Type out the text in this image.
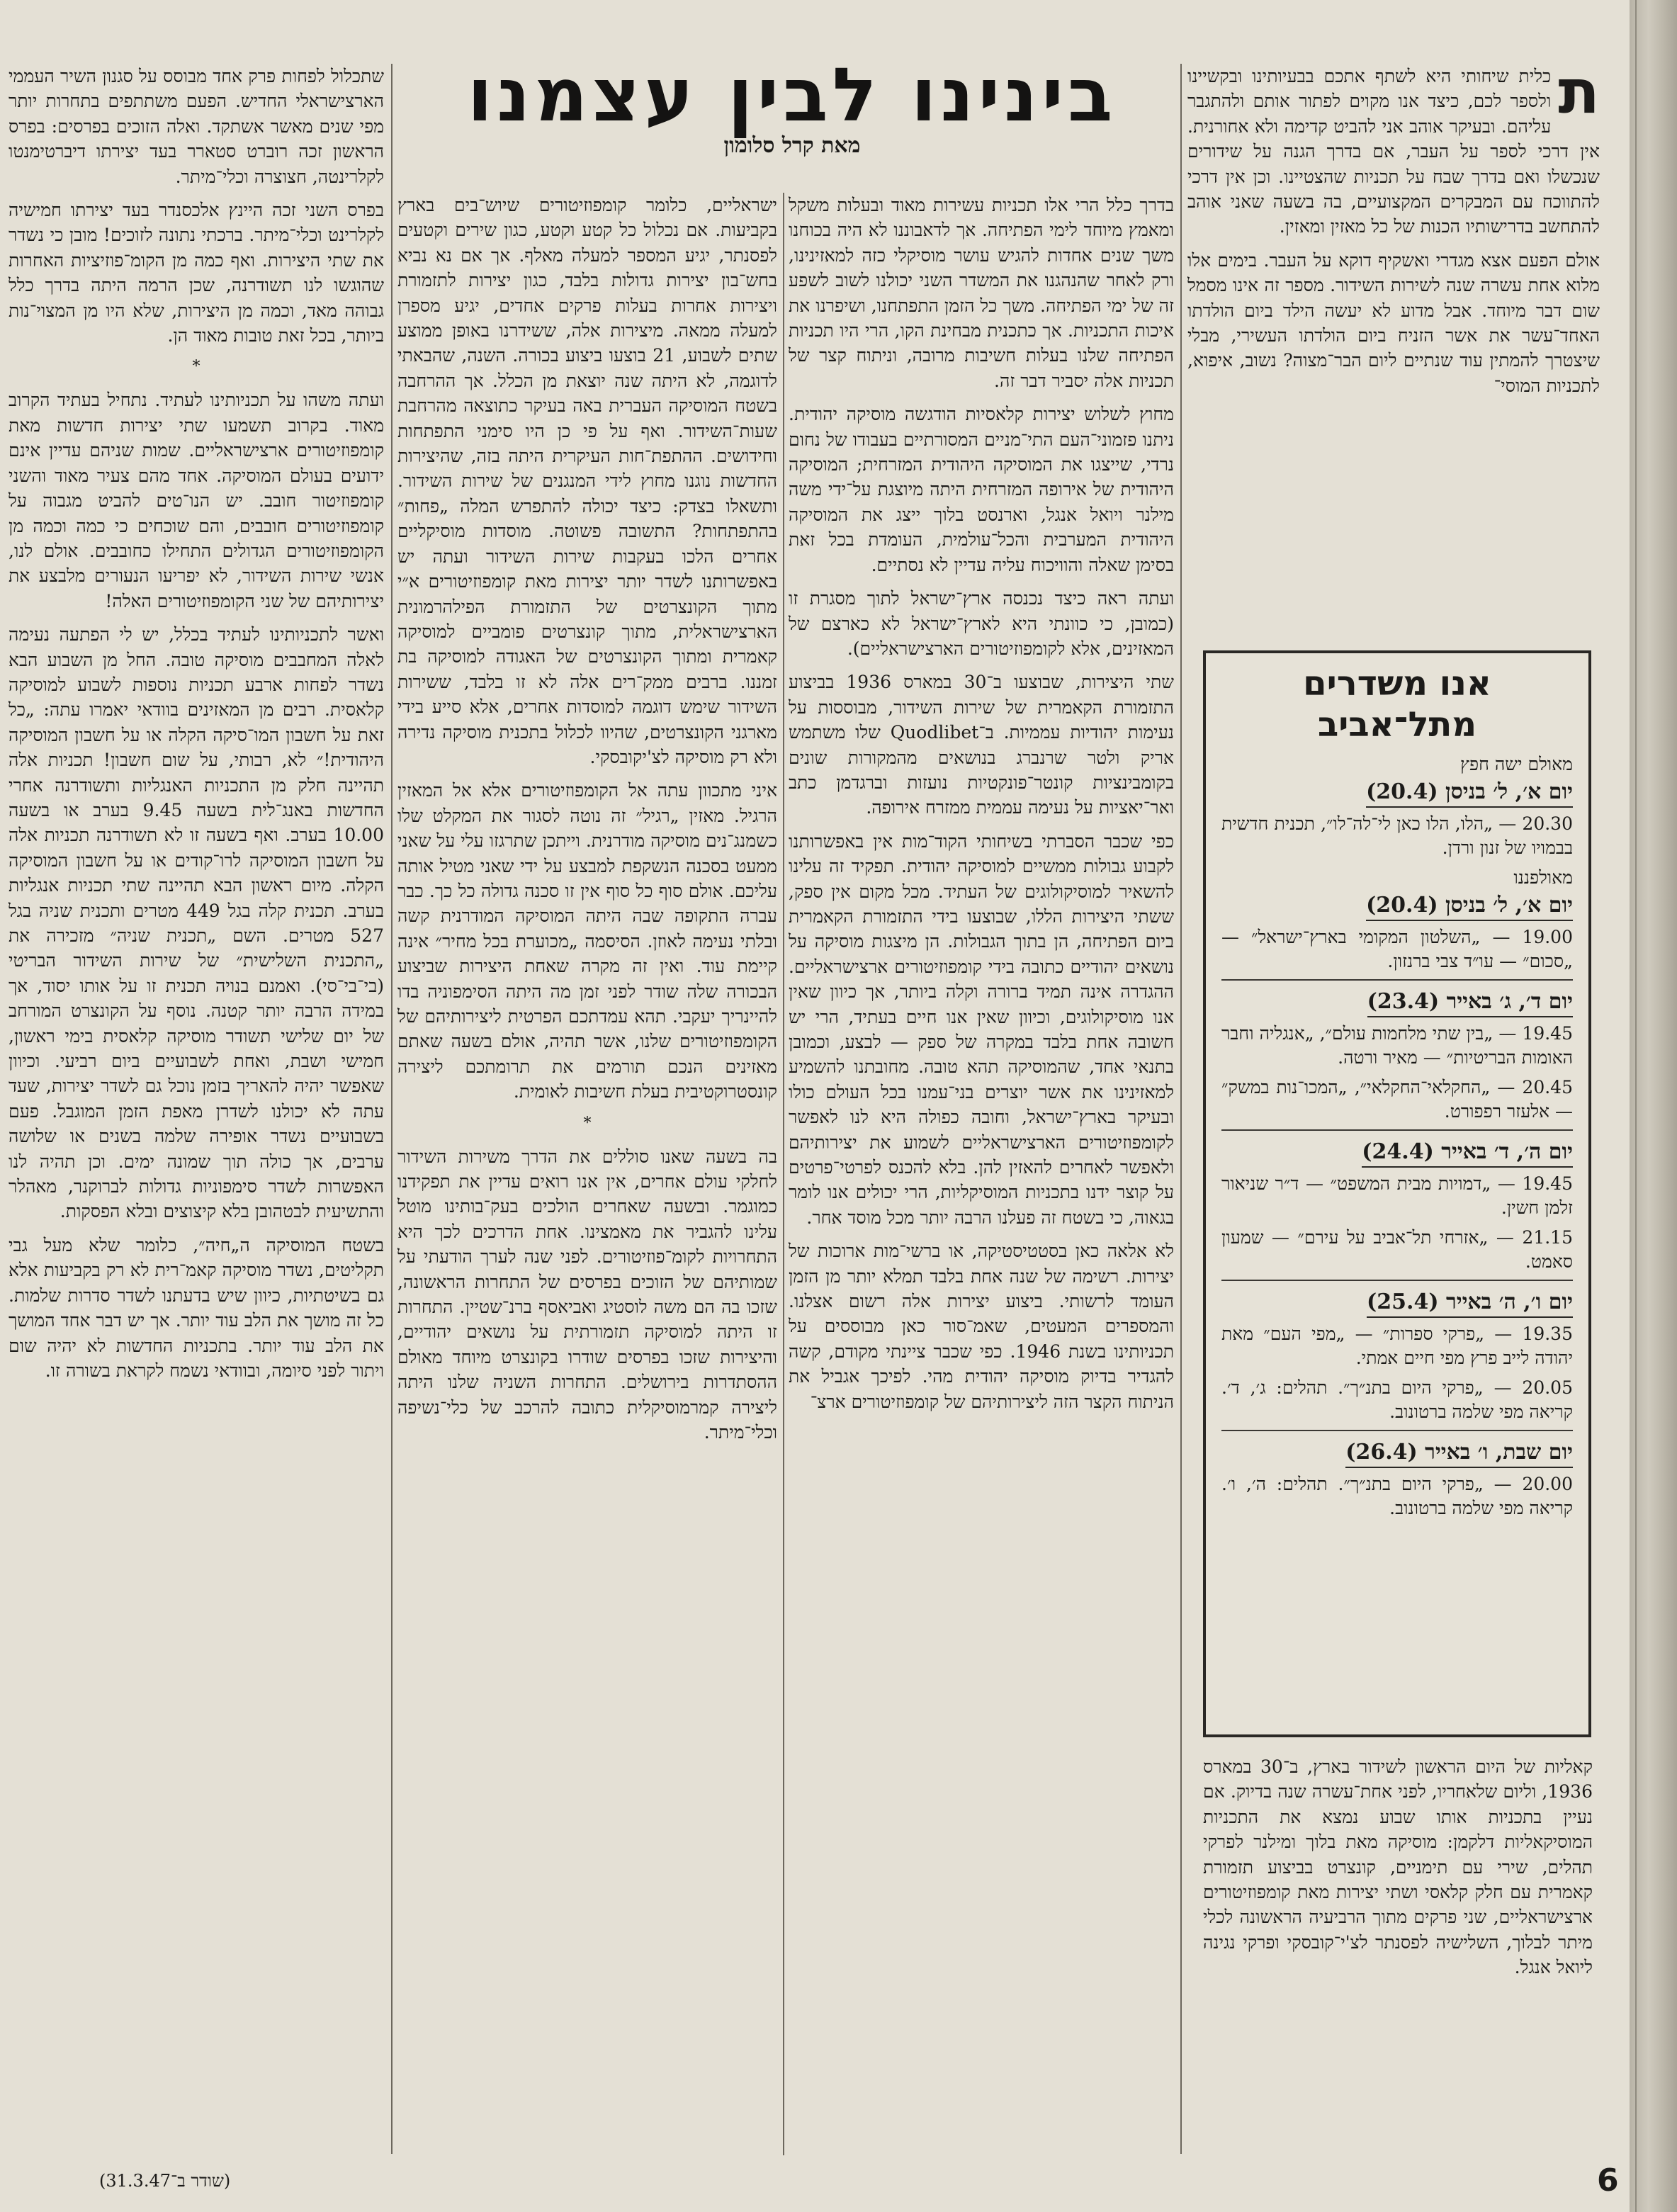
בינינו לבין עצמנו
מאת קרל סלומון
ת

כלית שיחותי היא לשתף אתכם בבעיותינו ובקשיינו ולספר לכם, כיצד אנו מקוים לפתור אותם ולהתגבר עליהם. ובעיקר אוהב אני להביט קדימה ולא אחורנית. אין דרכי לספר על העבר, אם בדרך הגנה על שידורים שנכשלו ואם בדרך שבח על תכניות שהצטיינו. וכן אין דרכי להתווכח עם המבקרים המקצועיים, בה בשעה שאני אוהב להתחשב בדרישותיו הכנות של כל מאזין ומאזין.

אולם הפעם אצא מגדרי ואשקיף דוקא על העבר. בימים אלו מלוא אחת עשרה שנה לשירות השידור. מספר זה אינו מסמל שום דבר מיוחד. אבל מדוע לא יעשה הילד ביום הולדתו האחד־עשר את אשר הזניח ביום הולדתו העשירי, מבלי שיצטרך להמתין עוד שנתיים ליום הבר־מצוה? נשוב, איפוא, לתכניות המוסי־

אנו משדרים מתל־אביב
מאולם ישה חפץ
יום א׳, ל׳ בניסן (20.4)
20.30 — „הלו, הלו כאן לי־לה־לו״, תכנית חדשית בבמויו של זנון ורדן.
מאולפננו
יום א׳, ל׳ בניסן (20.4)
19.00 — „השלטון המקומי בארץ־ישראל״ — „סכום״ — עו״ד צבי ברנזון.
יום ד׳, ג׳ באייר (23.4)
19.45 — „בין שתי מלחמות עולם״, „אנגליה וחבר האומות הבריטיות״ — מאיר ורטה.
20.45 — „החקלאי־החקלאי״, „המכו־נות במשק״ — אלעזר רפפורט.
יום ה׳, ד׳ באייר (24.4)
19.45 — „דמויות מבית המשפט״ — ד״ר שניאור זלמן חשין.
21.15 — „אזרחי תל־אביב על עירם״ — שמעון סאמט.
יום ו׳, ה׳ באייר (25.4)
19.35 — „פרקי ספרות״ — „מפי העם״ מאת יהודה לייב פרץ מפי חיים אמתי.
20.05 — „פרקי היום בתנ״ך״. תהלים: ג׳, ד׳. קריאה מפי שלמה ברטונוב.
יום שבת, ו׳ באייר (26.4)
20.00 — „פרקי היום בתנ״ך״. תהלים: ה׳, ו׳. קריאה מפי שלמה ברטונוב.

קאליות של היום הראשון לשידור בארץ, ב־30 במארס 1936, וליום שלאחריו, לפני אחת־עשרה שנה בדיוק. אם נעיין בתכניות אותו שבוע נמצא את התכניות המוסיקאליות דלקמן: מוסיקה מאת בלוך ומילנר לפרקי תהלים, שירי עם תימניים, קונצרט בביצוע תזמורת קאמרית עם חלק קלאסי ושתי יצירות מאת קומפוזיטורים ארצישראליים, שני פרקים מתוך הרביעיה הראשונה לכלי מיתר לבלוך, השלישיה לפסנתר לצ'י־קובסקי ופרקי נגינה ליואל אנגל.

בדרך כלל הרי אלו תכניות עשירות מאוד ובעלות משקל ומאמץ מיוחד לימי הפתיחה. אך לדאבוננו לא היה בכוחנו משך שנים אחדות להגיש עושר מוסיקלי כזה למאזינינו, ורק לאחר שהנהגנו את המשדר השני יכולנו לשוב לשפע זה של ימי הפתיחה. משך כל הזמן התפתחנו, ושיפרנו את איכות התכניות. אך כתכנית מבחינת הקו, הרי היו תכניות הפתיחה שלנו בעלות חשיבות מרובה, וניתוח קצר של תכניות אלה יסביר דבר זה.

מחוץ לשלוש יצירות קלאסיות הודגשה מוסיקה יהודית. ניתנו פזמוני־העם התי־מניים המסורתיים בעבודו של נחום נרדי, שייצגו את המוסיקה היהודית המזרחית; המוסיקה היהודית של אירופה המזרחית היתה מיוצגת על־ידי משה מילנר ויואל אנגל, וארנסט בלוך ייצג את המוסיקה היהודית המערבית והכל־עולמית, העומדת בכל זאת בסימן שאלה והוויכוח עליה עדיין לא נסתיים.

ועתה ראה כיצד נכנסה ארץ־ישראל לתוך מסגרת זו (כמובן, כי כוונתי היא לארץ־ישראל לא כארצם של המאזינים, אלא לקומפוזיטורים הארצישראליים).

שתי היצירות, שבוצעו ב־30 במארס 1936 בביצוע התזמורת הקאמרית של שירות השידור, מבוססות על נעימות יהודיות עממיות. ב־Quodlibet שלו משתמש אריק ולטר שרנברג בנושאים מהמקורות שונים בקומבינציות קונטר־פונקטיות נועזות וברגדמן כתב ואר־יאציות על נעימה עממית ממזרח אירופה.

כפי שכבר הסברתי בשיחותי הקוד־מות אין באפשרותנו לקבוע גבולות ממשיים למוסיקה יהודית. תפקיד זה עלינו להשאיר למוסיקולוגים של העתיד. מכל מקום אין ספק, ששתי היצירות הללו, שבוצעו בידי התזמורת הקאמרית ביום הפתיחה, הן בתוך הגבולות. הן מיצגות מוסיקה על נושאים יהודיים כתובה בידי קומפוזיטורים ארצישראליים. ההגדרה אינה תמיד ברורה וקלה ביותר, אך כיוון שאין אנו מוסיקולוגים, וכיוון שאין אנו חיים בעתיד, הרי יש חשובה אחת בלבד במקרה של ספק — לבצע, וכמובן בתנאי אחד, שהמוסיקה תהא טובה. מחובתנו להשמיע למאזינינו את אשר יוצרים בני־עמנו בכל העולם כולו ובעיקר בארץ־ישראל, וחובה כפולה היא לנו לאפשר לקומפוזיטורים הארצישראליים לשמוע את יצירותיהם ולאפשר לאחרים להאזין להן. בלא להכנס לפרטי־פרטים על קוצר ידנו בתכניות המוסיקליות, הרי יכולים אנו לומר בגאוה, כי בשטח זה פעלנו הרבה יותר מכל מוסד אחר.

לא אלאה כאן בסטטיסטיקה, או ברשי־מות ארוכות של יצירות. רשימה של שנה אחת בלבד תמלא יותר מן הזמן העומד לרשותי. ביצוע יצירות אלה רשום אצלנו. והמספרים המעטים, שאמ־סור כאן מבוססים על תכניותינו בשנת 1946. כפי שכבר ציינתי מקודם, קשה להגדיר בדיוק מוסיקה יהודית מהי. לפיכך אגביל את הניתוח הקצר הזה ליצירותיהם של קומפוזיטורים ארצ־

ישראליים, כלומר קומפוזיטורים שיוש־בים בארץ בקביעות. אם נכלול כל קטע וקטע, כגון שירים וקטעים לפסנתר, יגיע המספר למעלה מאלף. אך אם נא נביא בחש־בון יצירות גדולות בלבד, כגון יצירות לתזמורת ויצירות אחרות בעלות פרקים אחדים, יגיע מספרן למעלה ממאה. מיצירות אלה, ששידרנו באופן ממוצע שתים לשבוע, 21 בוצעו ביצוע בכורה. השנה, שהבאתי לדוגמה, לא היתה שנה יוצאת מן הכלל. אך ההרחבה בשטח המוסיקה העברית באה בעיקר כתוצאה מהרחבת שעות־השידור. ואף על פי כן היו סימני התפתחות וחידושים. ההתפת־חות העיקרית היתה בזה, שהיצירות החדשות נוגנו מחוץ לידי המנגנים של שירות השידור. ותשאלו בצדק: כיצד יכולה להתפרש המלה „פחות״ בהתפתחות? התשובה פשוטה. מוסדות מוסיקליים אחרים הלכו בעקבות שירות השידור ועתה יש באפשרותנו לשדר יותר יצירות מאת קומפוזיטורים א״י מתוך הקונצרטים של התזמורת הפילהרמונית הארצישראלית, מתוך קונצרטים פומביים למוסיקה קאמרית ומתוך הקונצרטים של האגודה למוסיקה בת זמננו. ברבים ממק־רים אלה לא זו בלבד, ששירות השידור שימש דוגמה למוסדות אחרים, אלא סייע בידי מארגני הקונצרטים, שהיוו לכלול בתכנית מוסיקה נדירה ולא רק מוסיקה לצ'יקובסקי.

איני מתכוון עתה אל הקומפוזיטורים אלא אל המאזין הרגיל. מאזין „רגיל״ זה נוטה לסגור את המקלט שלו כשמנג־נים מוסיקה מודרנית. וייתכן שתרגזו עלי על שאני ממעט בסכנה הנשקפת למבצע על ידי שאני מטיל אותה עליכם. אולם סוף כל סוף אין זו סכנה גדולה כל כך. כבר עברה התקופה שבה היתה המוסיקה המודרנית קשה ובלתי נעימה לאוזן. הסיסמה „מכוערת בכל מחיר״ אינה קיימת עוד. ואין זה מקרה שאחת היצירות שביצוע הבכורה שלה שודר לפני זמן מה היתה הסימפוניה בדו להיינריך יעקבי. תהא עמדתכם הפרטית ליצירותיהם של הקומפוזיטורים שלנו, אשר תהיה, אולם בשעה שאתם מאזינים הנכם תורמים את תרומתכם ליצירה קונסטרוקטיבית בעלת חשיבות לאומית.

*

בה בשעה שאנו סוללים את הדרך משירות השידור לחלקי עולם אחרים, אין אנו רואים עדיין את תפקידנו כמוגמר. ובשעה שאחרים הולכים בעק־בותינו מוטל עלינו להגביר את מאמצינו. אחת הדרכים לכך היא התחרויות לקומ־פוזיטורים. לפני שנה לערך הודעתי על שמותיהם של הזוכים בפרסים של התחרות הראשונה, שזכו בה הם משה לוסטיג ואביאסף ברנ־שטיין. התחרות זו היתה למוסיקה תזמורתית על נושאים יהודיים, והיצירות שזכו בפרסים שודרו בקונצרט מיוחד מאולם ההסתדרות בירושלים. התחרות השניה שלנו היתה ליצירה קמרמוסיקלית כתובה להרכב של כלי־נשיפה וכלי־מיתר.

שתכלול לפחות פרק אחד מבוסס על סגנון השיר העממי הארצישראלי החדיש. הפעם משתתפים בתחרות יותר מפי שנים מאשר אשתקד. ואלה הזוכים בפרסים: בפרס הראשון זכה רוברט סטארר בעד יצירתו דיברטימנטו לקלרינטה, חצוצרה וכלי־מיתר.

בפרס השני זכה היינץ אלכסנדר בעד יצירתו חמישיה לקלרינט וכלי־מיתר. ברכתי נתונה לזוכים! מובן כי נשדר את שתי היצירות. ואף כמה מן הקומ־פוזיציות האחרות שהוגשו לנו תשודרנה, שכן הרמה היתה בדרך כלל גבוהה מאד, וכמה מן היצירות, שלא היו מן המצוי־נות ביותר, בכל זאת טובות מאוד הן.

*

ועתה משהו על תכניותינו לעתיד. נתחיל בעתיד הקרוב מאוד. בקרוב תשמעו שתי יצירות חדשות מאת קומפוזיטורים ארצישראליים. שמות שניהם עדיין אינם ידועים בעולם המוסיקה. אחד מהם צעיר מאוד והשני קומפוזיטור חובב. יש הנו־טים להביט מגבוה על קומפוזיטורים חובבים, והם שוכחים כי כמה וכמה מן הקומפוזיטורים הגדולים התחילו כחובבים. אולם לנו, אנשי שירות השידור, לא יפריעו הנעורים מלבצע את יצירותיהם של שני הקומפוזיטורים האלה!

ואשר לתכניותינו לעתיד בכלל, יש לי הפתעה נעימה לאלה המחבבים מוסיקה טובה. החל מן השבוע הבא נשדר לפחות ארבע תכניות נוספות לשבוע למוסיקה קלאסית. רבים מן המאזינים בוודאי יאמרו עתה: „כל זאת על חשבון המו־סיקה הקלה או על חשבון המוסיקה היהודית!״ לא, רבותי, על שום חשבון! תכניות אלה תהיינה חלק מן התכניות האנגליות ותשודרנה אחרי החדשות באנג־לית בשעה 9.45 בערב או בשעה 10.00 בערב. ואף בשעה זו לא תשודרנה תכניות אלה על חשבון המוסיקה לרו־קודים או על חשבון המוסיקה הקלה. מיום ראשון הבא תהיינה שתי תכניות אנגליות בערב. תכנית קלה בגל 449 מטרים ותכנית שניה בגל 527 מטרים. השם „תכנית שניה״ מזכירה את „התכנית השלישית״ של שירות השידור הבריטי (בי־בי־סי). ואמנם בנויה תכנית זו על אותו יסוד, אך במידה הרבה יותר קטנה. נוסף על הקונצרט המורחב של יום שלישי תשודר מוסיקה קלאסית בימי ראשון, חמישי ושבת, ואחת לשבועיים ביום רביעי. וכיוון שאפשר יהיה להאריך בזמן נוכל גם לשדר יצירות, שעד עתה לא יכולנו לשדרן מאפת הזמן המוגבל. פעם בשבועיים נשדר אופירה שלמה בשנים או שלושה ערבים, אך כולה תוך שמונה ימים. וכן תהיה לנו האפשרות לשדר סימפוניות גדולות לברוקנר, מאהלר והתשיעית לבטהובן בלא קיצוצים ובלא הפסקות.

בשטח המוסיקה ה„חיה״, כלומר שלא מעל גבי תקליטים, נשדר מוסיקה קאמ־רית לא רק בקביעות אלא גם בשיטתיות, כיוון שיש בדעתנו לשדר סדרות שלמות. כל זה מושך את הלב עוד יותר. אך יש דבר אחד המושך את הלב עוד יותר. בתכניות החדשות לא יהיה שום ויתור לפני סיומה, ובוודאי נשמח לקראת בשורה זו.

(שודר ב־31.3.47)	6
